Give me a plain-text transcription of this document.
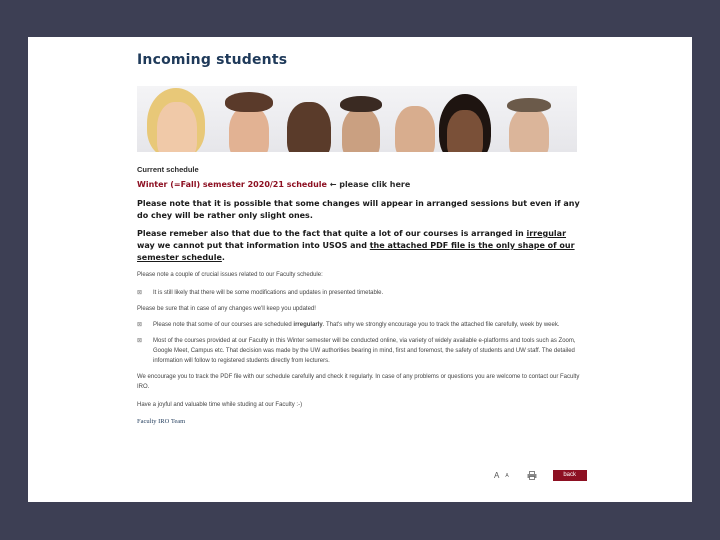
Incoming students

Current schedule

Winter (=Fall) semester 2020/21 schedule ← please clik here

Please note that it is possible that some changes will appear in arranged sessions but even if any do chey will be rather only slight ones.

Please remeber also that due to the fact that quite a lot of our courses is arranged in irregular way we cannot put that information into USOS and the attached PDF file is the only shape of our semester schedule.

Please note a couple of crucial issues related to our Faculty schedule:

⊠	It is still likely that there will be some modifications and updates in presented timetable.

Please be sure that in case of any changes we'll keep you updated!

⊠	Please note that some of our courses are scheduled irregularly. That's why we strongly encourage you to track the attached file carefully, week by week.
⊠	Most of the courses provided at our Faculty in this Winter semester will be conducted online, via variety of widely available e-platforms and tools such as Zoom, Google Meet, Campus etc. That decision was made by the UW authorities bearing in mind, first and foremost, the safety of students and UW staff. The detailed information will follow to registered students directly from lecturers.

We encourage you to track the PDF file with our schedule carefully and check it regularly. In case of any problems or questions you are welcome to contact our Faculty IRO.

Have a joyful and valuable time while studing at our Faculty :-)

Faculty IRO Team
A A	back
